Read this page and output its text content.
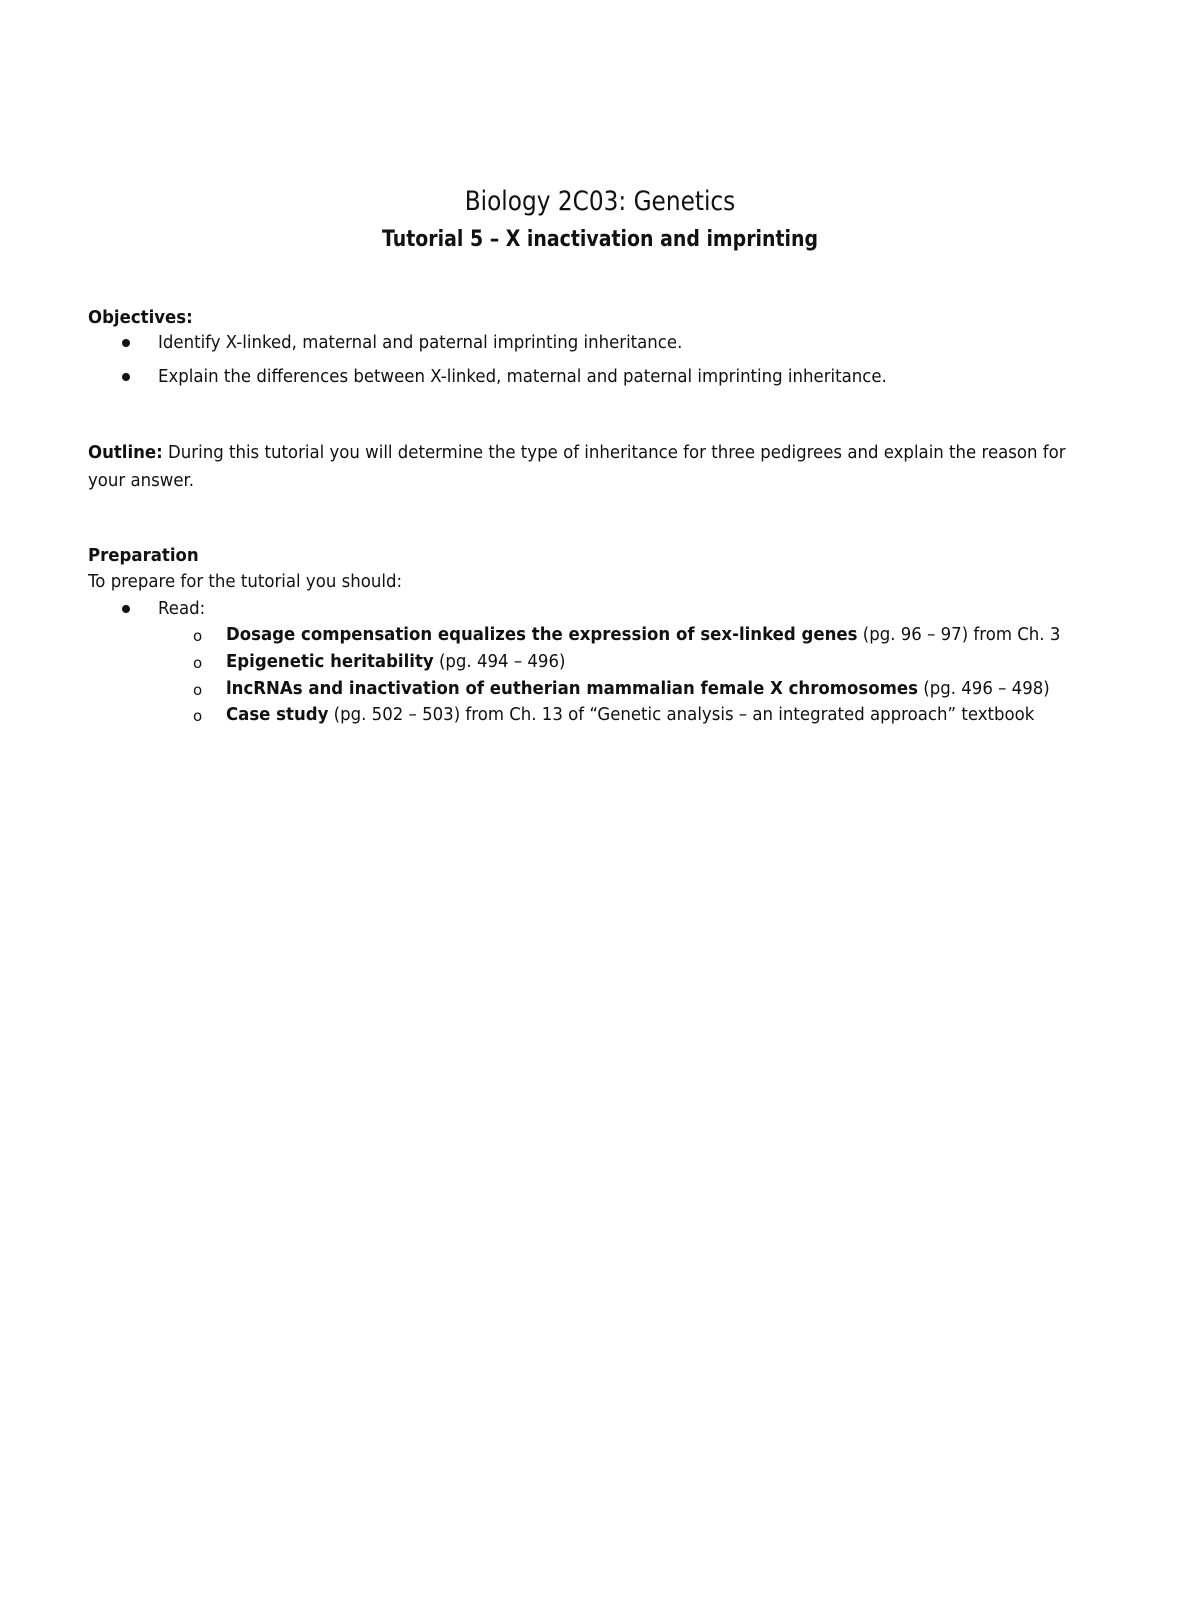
Biology 2C03: Genetics
Tutorial 5 – X inactivation and imprinting
Objectives:
Identify X-linked, maternal and paternal imprinting inheritance.
Explain the differences between X-linked, maternal and paternal imprinting inheritance.
Outline: During this tutorial you will determine the type of inheritance for three pedigrees and explain the reason for
your answer.
Preparation
To prepare for the tutorial you should:
Read:
o Dosage compensation equalizes the expression of sex-linked genes (pg. 96 – 97) from Ch. 3
o Epigenetic heritability (pg. 494 – 496)
o lncRNAs and inactivation of eutherian mammalian female X chromosomes (pg. 496 – 498)
o Case study (pg. 502 – 503) from Ch. 13 of “Genetic analysis – an integrated approach” textbook
